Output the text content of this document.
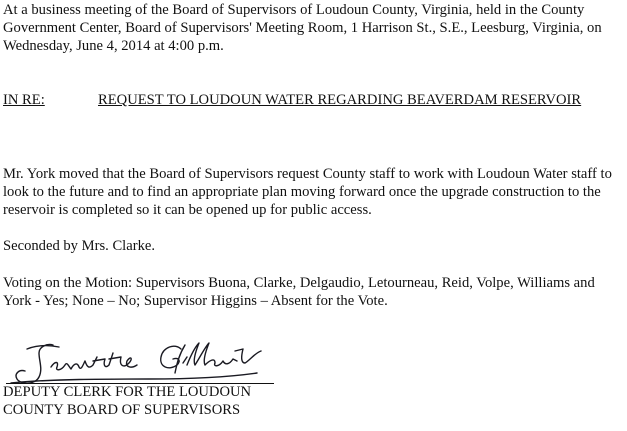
At a business meeting of the Board of Supervisors of Loudoun County, Virginia, held in the County Government Center, Board of Supervisors' Meeting Room, 1 Harrison St., S.E., Leesburg, Virginia, on Wednesday, June 4, 2014 at 4:00 p.m.

IN RE:	REQUEST TO LOUDOUN WATER REGARDING BEAVERDAM RESERVOIR

Mr. York moved that the Board of Supervisors request County staff to work with Loudoun Water staff to look to the future and to find an appropriate plan moving forward once the upgrade construction to the reservoir is completed so it can be opened up for public access.

Seconded by Mrs. Clarke.

Voting on the Motion: Supervisors Buona, Clarke, Delgaudio, Letourneau, Reid, Volpe, Williams and York - Yes; None – No; Supervisor Higgins – Absent for the Vote.

DEPUTY CLERK FOR THE LOUDOUN
COUNTY BOARD OF SUPERVISORS
